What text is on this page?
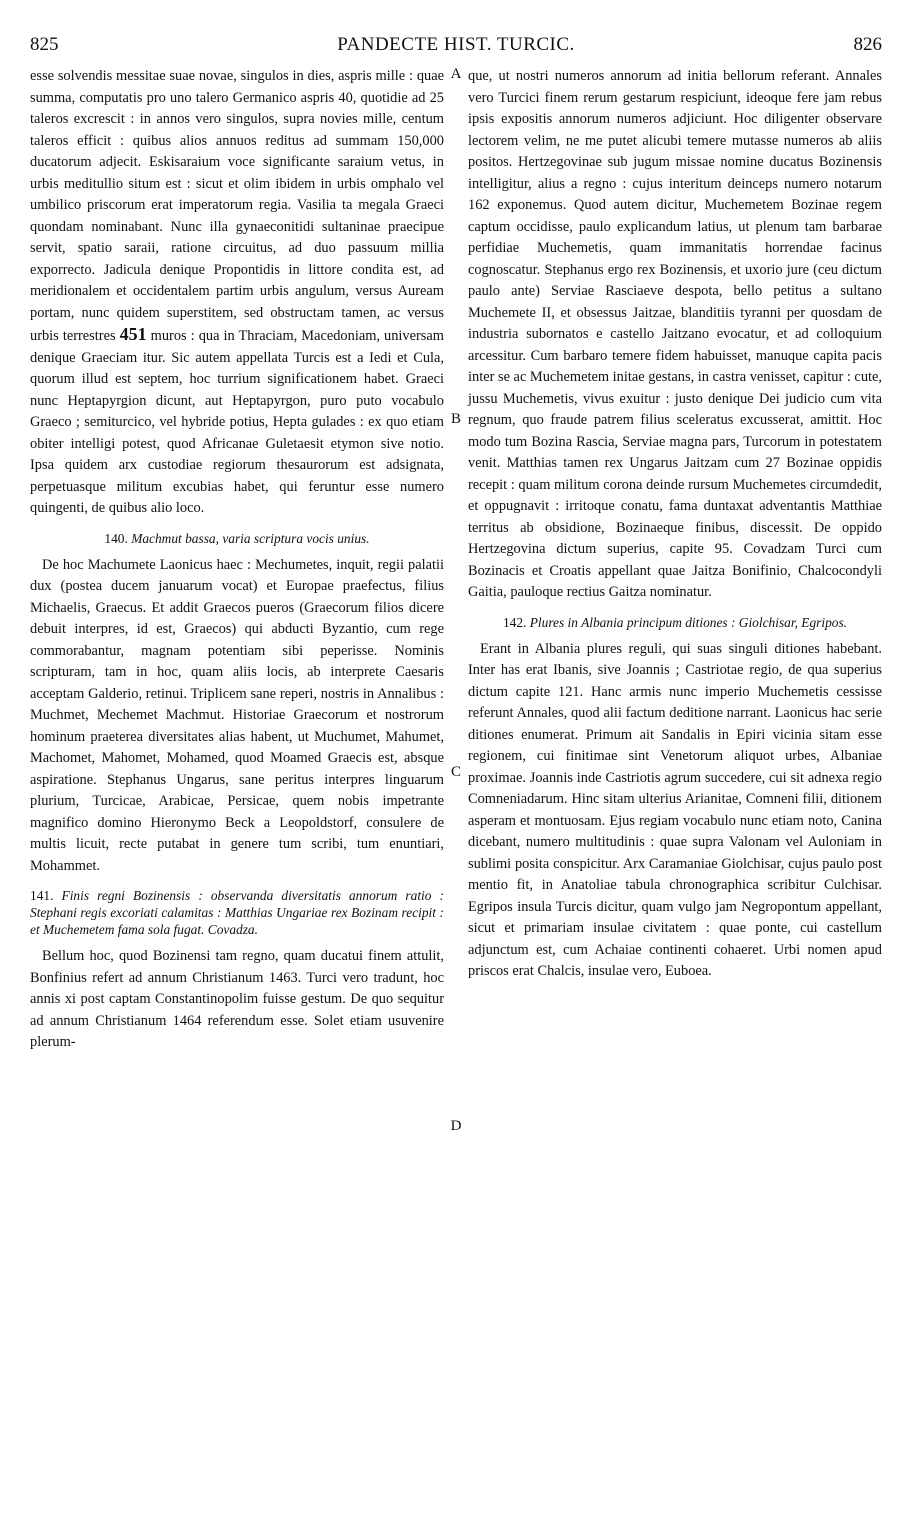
825	PANDECTE HIST. TURCIC.	826
A
B
C
D

esse solvendis messitae suae novae, singulos in dies, aspris mille : quae summa, computatis pro uno talero Germanico aspris 40, quotidie ad 25 taleros excrescit : in annos vero singulos, supra novies mille, centum taleros efficit : quibus alios annuos reditus ad summam 150,000 ducatorum adjecit. Eskisaraium voce significante saraium vetus, in urbis meditullio situm est : sicut et olim ibidem in urbis omphalo vel umbilico priscorum erat imperatorum regia. Vasilia ta megala Graeci quondam nominabant. Nunc illa gynaeconitidi sultaninae praecipue servit, spatio saraii, ratione circuitus, ad duo passuum millia exporrecto. Jadicula denique Propontidis in littore condita est, ad meridionalem et occidentalem partim urbis angulum, versus Auream portam, nunc quidem superstitem, sed obstructam tamen, ac versus urbis terrestres 451 muros : qua in Thraciam, Macedoniam, universam denique Graeciam itur. Sic autem appellata Turcis est a Iedi et Cula, quorum illud est septem, hoc turrium significationem habet. Graeci nunc Heptapyrgion dicunt, aut Heptapyrgon, puro puto vocabulo Graeco ; semiturcico, vel hybride potius, Hepta gulades : ex quo etiam obiter intelligi potest, quod Africanae Guletaesit etymon sive notio. Ipsa quidem arx custodiae regiorum thesaurorum est adsignata, perpetuasque militum excubias habet, qui feruntur esse numero quingenti, de quibus alio loco.

140. Machmut bassa, varia scriptura vocis unius.

De hoc Machumete Laonicus haec : Mechumetes, inquit, regii palatii dux (postea ducem januarum vocat) et Europae praefectus, filius Michaelis, Graecus. Et addit Graecos pueros (Graecorum filios dicere debuit interpres, id est, Graecos) qui abducti Byzantio, cum rege commorabantur, magnam potentiam sibi peperisse. Nominis scripturam, tam in hoc, quam aliis locis, ab interprete Caesaris acceptam Galderio, retinui. Triplicem sane reperi, nostris in Annalibus : Muchmet, Mechemet Machmut. Historiae Graecorum et nostrorum hominum praeterea diversitates alias habent, ut Muchumet, Mahumet, Machomet, Mahomet, Mohamed, quod Moamed Graecis est, absque aspiratione. Stephanus Ungarus, sane peritus interpres linguarum plurium, Turcicae, Arabicae, Persicae, quem nobis impetrante magnifico domino Hieronymo Beck a Leopoldstorf, consulere de multis licuit, recte putabat in genere tum scribi, tum enuntiari, Mohammet.

141. Finis regni Bozinensis : observanda diversitatis annorum ratio : Stephani regis excoriati calamitas : Matthias Ungariae rex Bozinam recipit : et Muchemetem fama sola fugat. Covadza.

Bellum hoc, quod Bozinensi tam regno, quam ducatui finem attulit, Bonfinius refert ad annum Christianum 1463. Turci vero tradunt, hoc annis xi post captam Constantinopolim fuisse gestum. De quo sequitur ad annum Christianum 1464 referendum esse. Solet etiam usuvenire plerum-

que, ut nostri numeros annorum ad initia bellorum referant. Annales vero Turcici finem rerum gestarum respiciunt, ideoque fere jam rebus ipsis expositis annorum numeros adjiciunt. Hoc diligenter observare lectorem velim, ne me putet alicubi temere mutasse numeros ab aliis positos. Hertzegovinae sub jugum missae nomine ducatus Bozinensis intelligitur, alius a regno : cujus interitum deinceps numero notarum 162 exponemus. Quod autem dicitur, Muchemetem Bozinae regem captum occidisse, paulo explicandum latius, ut plenum tam barbarae perfidiae Muchemetis, quam immanitatis horrendae facinus cognoscatur. Stephanus ergo rex Bozinensis, et uxorio jure (ceu dictum paulo ante) Serviae Rasciaeve despota, bello petitus a sultano Muchemete II, et obsessus Jaitzae, blanditiis tyranni per quosdam de industria subornatos e castello Jaitzano evocatur, et ad colloquium arcessitur. Cum barbaro temere fidem habuisset, manuque capita pacis inter se ac Muchemetem initae gestans, in castra venisset, capitur : cute, jussu Muchemetis, vivus exuitur : justo denique Dei judicio cum vita regnum, quo fraude patrem filius sceleratus excusserat, amittit. Hoc modo tum Bozina Rascia, Serviae magna pars, Turcorum in potestatem venit. Matthias tamen rex Ungarus Jaitzam cum 27 Bozinae oppidis recepit : quam militum corona deinde rursum Muchemetes circumdedit, et oppugnavit : irritoque conatu, fama duntaxat adventantis Matthiae territus ab obsidione, Bozinaeque finibus, discessit. De oppido Hertzegovina dictum superius, capite 95. Covadzam Turci cum Bozinacis et Croatis appellant quae Jaitza Bonifinio, Chalcocondyli Gaitia, pauloque rectius Gaitza nominatur.

142. Plures in Albania principum ditiones : Giolchisar, Egripos.

Erant in Albania plures reguli, qui suas singuli ditiones habebant. Inter has erat Ibanis, sive Joannis ; Castriotae regio, de qua superius dictum capite 121. Hanc armis nunc imperio Muchemetis cessisse referunt Annales, quod alii factum deditione narrant. Laonicus hac serie ditiones enumerat. Primum ait Sandalis in Epiri vicinia sitam esse regionem, cui finitimae sint Venetorum aliquot urbes, Albaniae proximae. Joannis inde Castriotis agrum succedere, cui sit adnexa regio Comneniadarum. Hinc sitam ulterius Arianitae, Comneni filii, ditionem asperam et montuosam. Ejus regiam vocabulo nunc etiam noto, Canina dicebant, numero multitudinis : quae supra Valonam vel Auloniam in sublimi posita conspicitur. Arx Caramaniae Giolchisar, cujus paulo post mentio fit, in Anatoliae tabula chronographica scribitur Culchisar. Egripos insula Turcis dicitur, quam vulgo jam Negropontum appellant, sicut et primariam insulae civitatem : quae ponte, cui castellum adjunctum est, cum Achaiae continenti cohaeret. Urbi nomen apud priscos erat Chalcis, insulae vero, Euboea.
